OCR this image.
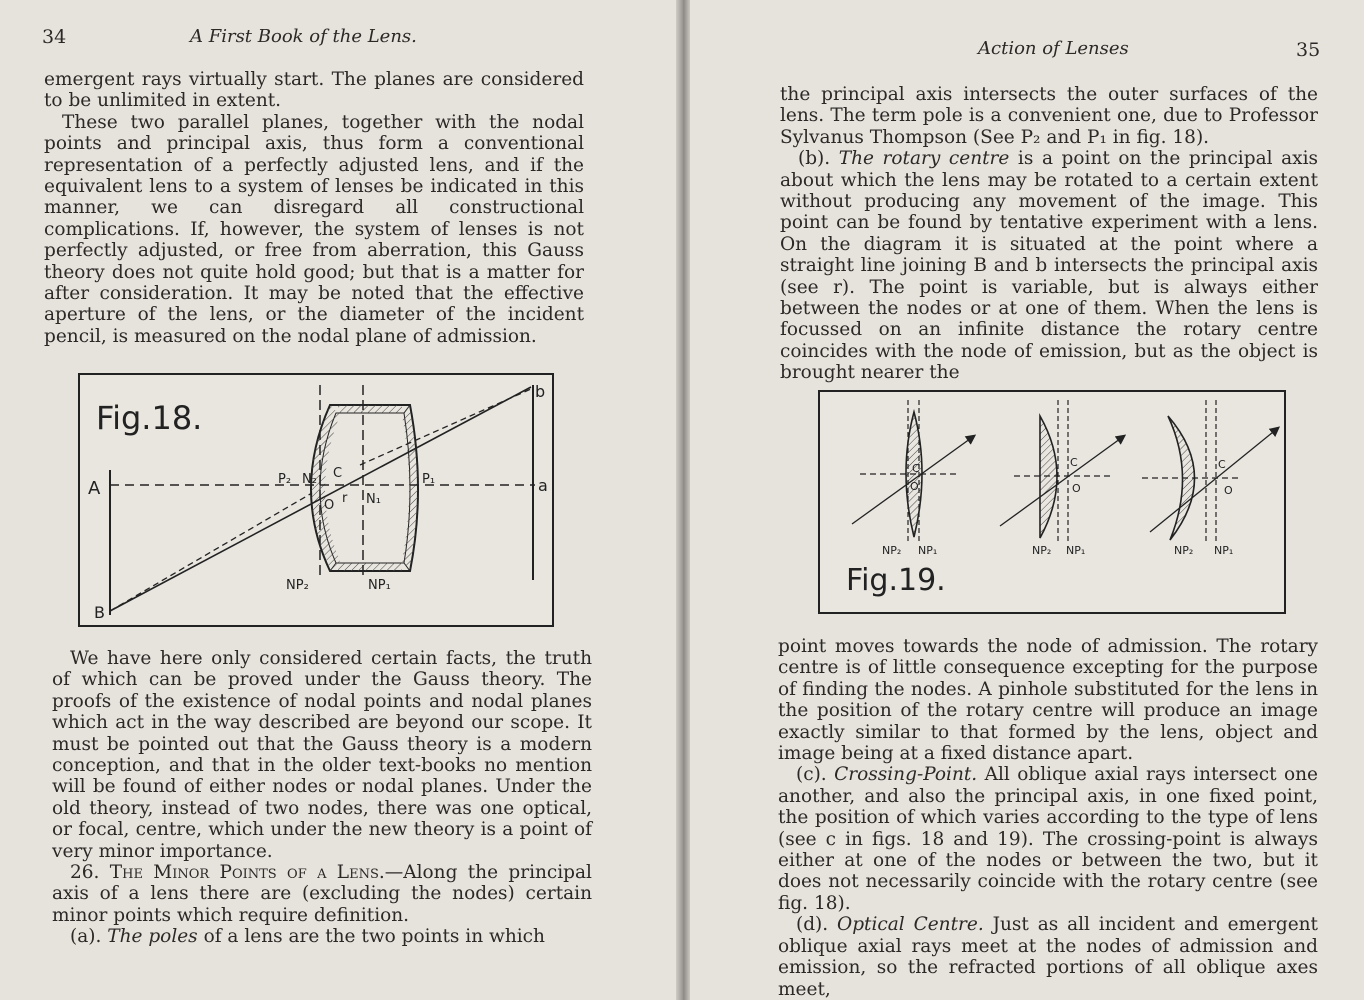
34	A First Book of the Lens.

emergent rays virtually start. The planes are considered to be unlimited in extent.

These two parallel planes, together with the nodal points and principal axis, thus form a conventional representation of a perfectly adjusted lens, and if the equivalent lens to a system of lenses be indicated in this manner, we can disregard all constructional complications. If, however, the system of lenses is not perfectly adjusted, or free from aberration, this Gauss theory does not quite hold good; but that is a matter for after consideration. It may be noted that the effective aperture of the lens, or the diameter of the incident pencil, is measured on the nodal plane of admission.

Fig.18.
A
B
a
b
P₂ N₂ C	P₁
O r N₁
NP₂	NP₁

We have here only considered certain facts, the truth of which can be proved under the Gauss theory. The proofs of the existence of nodal points and nodal planes which act in the way described are beyond our scope. It must be pointed out that the Gauss theory is a modern conception, and that in the older text-books no mention will be found of either nodes or nodal planes. Under the old theory, instead of two nodes, there was one optical, or focal, centre, which under the new theory is a point of very minor importance.

26. The Minor Points of a Lens.—Along the principal axis of a lens there are (excluding the nodes) certain minor points which require definition.

(a). The poles of a lens are the two points in which

Action of Lenses	35

the principal axis intersects the outer surfaces of the lens. The term pole is a convenient one, due to Professor Sylvanus Thompson (See P₂ and P₁ in fig. 18).

(b). The rotary centre is a point on the principal axis about which the lens may be rotated to a certain extent without producing any movement of the image. This point can be found by tentative experiment with a lens. On the diagram it is situated at the point where a straight line joining B and b intersects the principal axis (see r). The point is variable, but is always either between the nodes or at one of them. When the lens is focussed on an infinite distance the rotary centre coincides with the node of emission, but as the object is brought nearer the

C
O
NP₂ NP₁
C
O
NP₂ NP₁
C
O
NP₂ NP₁
Fig.19.

point moves towards the node of admission. The rotary centre is of little consequence excepting for the purpose of finding the nodes. A pinhole substituted for the lens in the position of the rotary centre will produce an image exactly similar to that formed by the lens, object and image being at a fixed distance apart.

(c). Crossing-Point. All oblique axial rays intersect one another, and also the principal axis, in one fixed point, the position of which varies according to the type of lens (see c in figs. 18 and 19). The crossing-point is always either at one of the nodes or between the two, but it does not necessarily coincide with the rotary centre (see fig. 18).

(d). Optical Centre. Just as all incident and emergent oblique axial rays meet at the nodes of admission and emission, so the refracted portions of all oblique axes meet,
